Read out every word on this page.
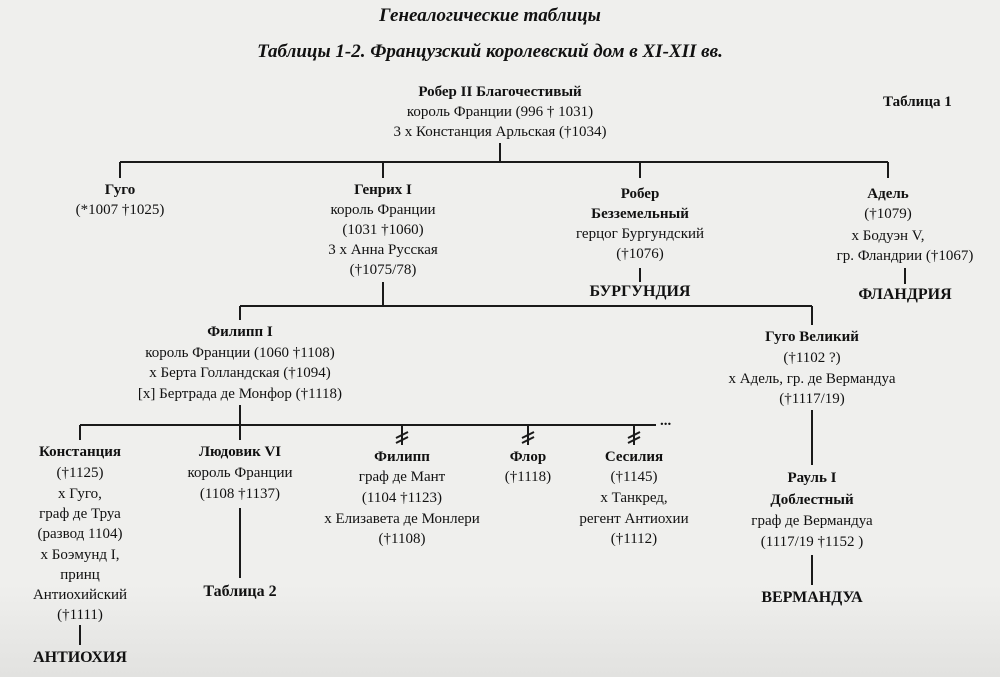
Генеалогические таблицы
Таблицы 1-2. Французский королевский дом в XI-XII вв.
Таблица 1
Робер II Благочестивый
король Франции (996 † 1031)
3 х Констанция Арльская (†1034)
Гуго
(*1007 †1025)
Генрих I
король Франции
(1031 †1060)
3 х Анна Русская
(†1075/78)
Робер
Безземельный
герцог Бургундский
(†1076)
БУРГУНДИЯ
Адель
(†1079)
х Бодуэн V,
гр. Фландрии (†1067)
ФЛАНДРИЯ
Филипп I
король Франции (1060 †1108)
х Берта Голландская (†1094)
[х] Бертрада де Монфор (†1118)
Гуго Великий
(†1102 ?)
х Адель, гр. де Вермандуа
(†1117/19)
Констанция
(†1125)
х Гуго,
граф де Труа
(развод 1104)
х Боэмунд I,
принц
Антиохийский
(†1111)
АНТИОХИЯ
Людовик VI
король Франции
(1108 †1137)
Таблица 2
Филипп
граф де Мант
(1104 †1123)
х Елизавета де Монлери
(†1108)
Флор
(†1118)
Сесилия
(†1145)
х Танкред,
регент Антиохии
(†1112)
...
Рауль I
Доблестный
граф де Вермандуа
(1117/19 †1152 )
ВЕРМАНДУА
